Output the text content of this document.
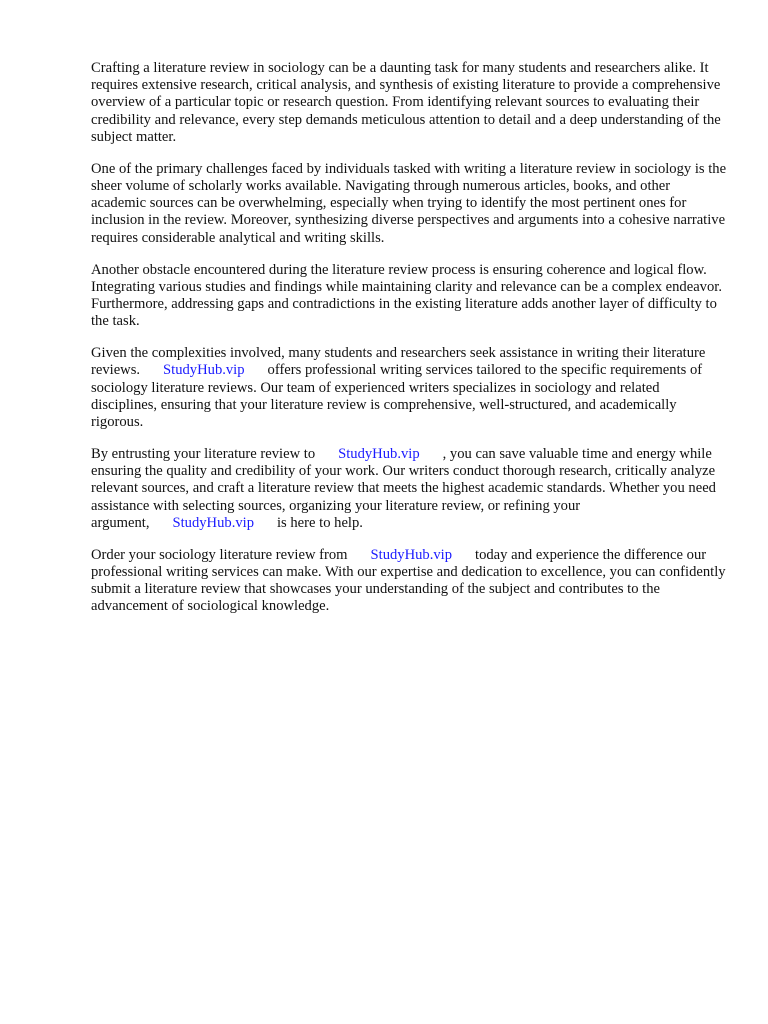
Crafting a literature review in sociology can be a daunting task for many students and researchers alike. It requires extensive research, critical analysis, and synthesis of existing literature to provide a comprehensive overview of a particular topic or research question. From identifying relevant sources to evaluating their credibility and relevance, every step demands meticulous attention to detail and a deep understanding of the subject matter.

One of the primary challenges faced by individuals tasked with writing a literature review in sociology is the sheer volume of scholarly works available. Navigating through numerous articles, books, and other academic sources can be overwhelming, especially when trying to identify the most pertinent ones for inclusion in the review. Moreover, synthesizing diverse perspectives and arguments into a cohesive narrative requires considerable analytical and writing skills.

Another obstacle encountered during the literature review process is ensuring coherence and logical flow. Integrating various studies and findings while maintaining clarity and relevance can be a complex endeavor. Furthermore, addressing gaps and contradictions in the existing literature adds another layer of difficulty to the task.

Given the complexities involved, many students and researchers seek assistance in writing their literature reviews. StudyHub.vip offers professional writing services tailored to the specific requirements of sociology literature reviews. Our team of experienced writers specializes in sociology and related disciplines, ensuring that your literature review is comprehensive, well-structured, and academically rigorous.

By entrusting your literature review to StudyHub.vip , you can save valuable time and energy while ensuring the quality and credibility of your work. Our writers conduct thorough research, critically analyze relevant sources, and craft a literature review that meets the highest academic standards. Whether you need assistance with selecting sources, organizing your literature review, or refining your argument, StudyHub.vip is here to help.

Order your sociology literature review from StudyHub.vip today and experience the difference our professional writing services can make. With our expertise and dedication to excellence, you can confidently submit a literature review that showcases your understanding of the subject and contributes to the advancement of sociological knowledge.
